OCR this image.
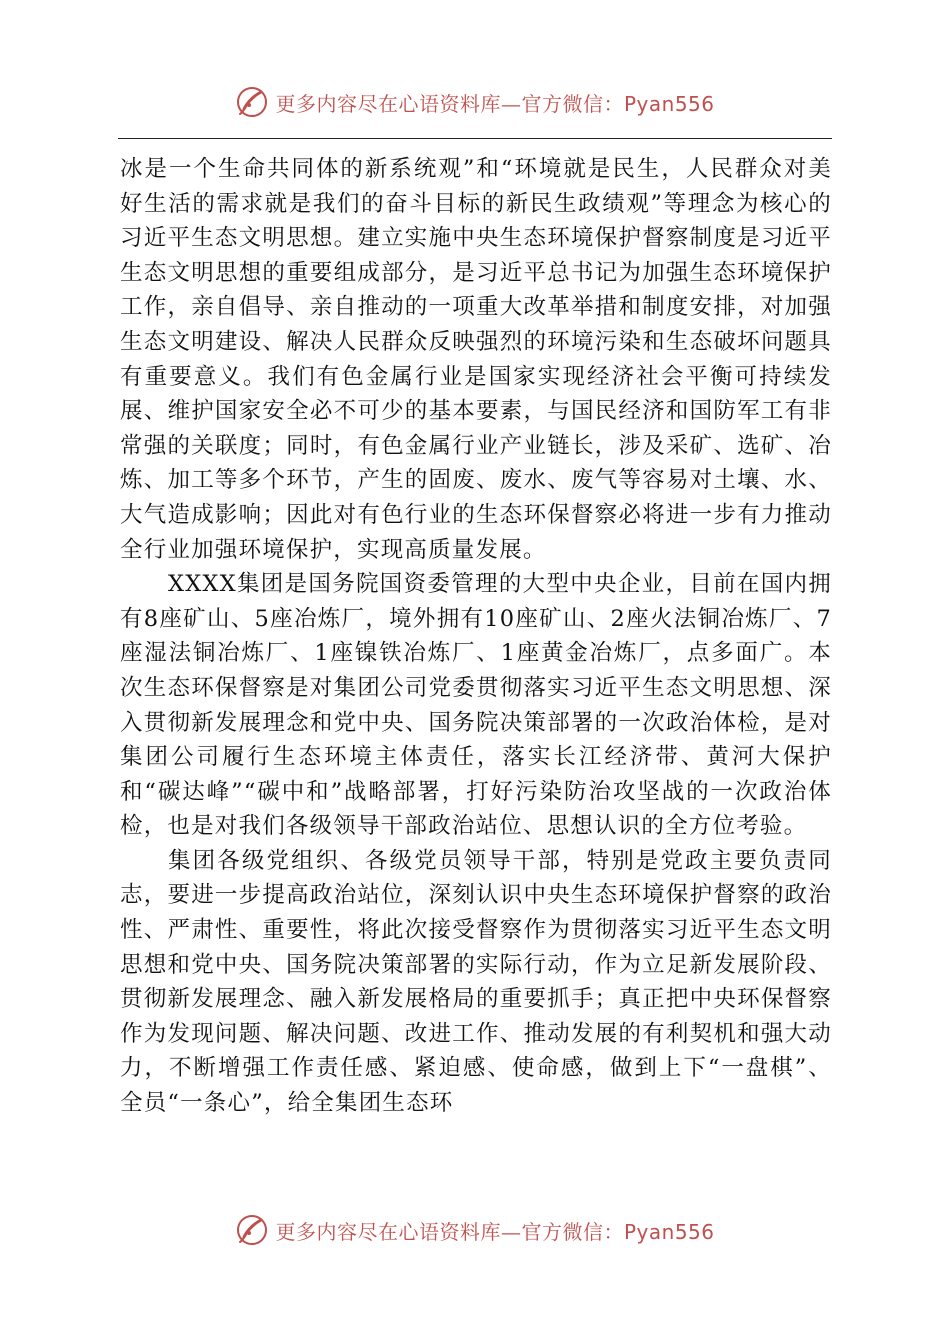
更多内容尽在心语资料库—官方微信：Pyan556

冰是一个生命共同体的新系统观”和“环境就是民生，人民群众对美好生活的需求就是我们的奋斗目标的新民生政绩观”等理念为核心的习近平生态文明思想。建立实施中央生态环境保护督察制度是习近平生态文明思想的重要组成部分，是习近平总书记为加强生态环境保护工作，亲自倡导、亲自推动的一项重大改革举措和制度安排，对加强生态文明建设、解决人民群众反映强烈的环境污染和生态破坏问题具有重要意义。我们有色金属行业是国家实现经济社会平衡可持续发展、维护国家安全必不可少的基本要素，与国民经济和国防军工有非常强的关联度；同时，有色金属行业产业链长，涉及采矿、选矿、冶炼、加工等多个环节，产生的固废、废水、废气等容易对土壤、水、大气造成影响；因此对有色行业的生态环保督察必将进一步有力推动全行业加强环境保护，实现高质量发展。

XXXX集团是国务院国资委管理的大型中央企业，目前在国内拥有8座矿山、5座冶炼厂，境外拥有10座矿山、2座火法铜冶炼厂、7座湿法铜冶炼厂、1座镍铁冶炼厂、1座黄金冶炼厂，点多面广。本次生态环保督察是对集团公司党委贯彻落实习近平生态文明思想、深入贯彻新发展理念和党中央、国务院决策部署的一次政治体检，是对集团公司履行生态环境主体责任，落实长江经济带、黄河大保护和“碳达峰”“碳中和”战略部署，打好污染防治攻坚战的一次政治体检，也是对我们各级领导干部政治站位、思想认识的全方位考验。

集团各级党组织、各级党员领导干部，特别是党政主要负责同志，要进一步提高政治站位，深刻认识中央生态环境保护督察的政治性、严肃性、重要性，将此次接受督察作为贯彻落实习近平生态文明思想和党中央、国务院决策部署的实际行动，作为立足新发展阶段、贯彻新发展理念、融入新发展格局的重要抓手；真正把中央环保督察作为发现问题、解决问题、改进工作、推动发展的有利契机和强大动力，不断增强工作责任感、紧迫感、使命感，做到上下“一盘棋”、全员“一条心”，给全集团生态环

更多内容尽在心语资料库—官方微信：Pyan556
